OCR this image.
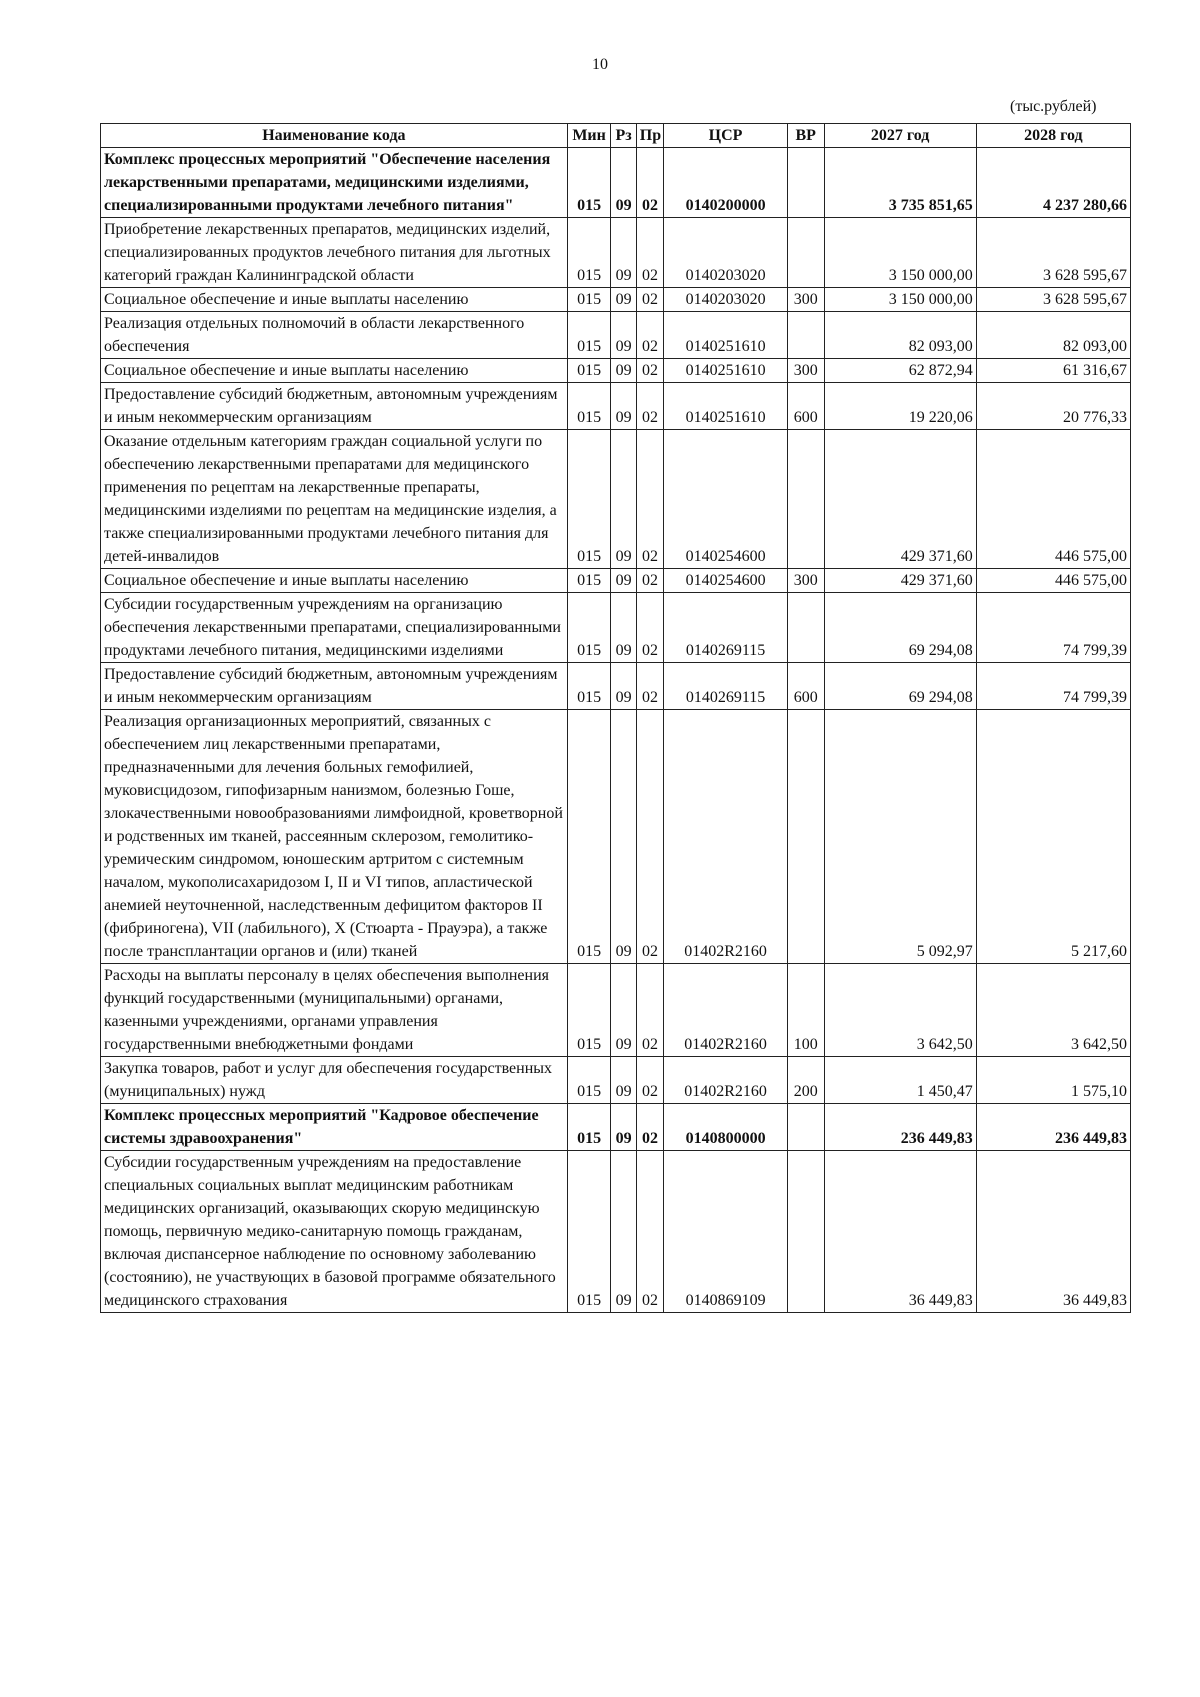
10
(тыс.рублей)
Наименование кода	Мин	Рз	Пр	ЦСР	ВР	2027 год	2028 год
Комплекс процессных мероприятий "Обеспечение населения лекарственными препаратами, медицинскими изделиями, специализированными продуктами лечебного питания"	015	09	02	0140200000		3 735 851,65	4 237 280,66
Приобретение лекарственных препаратов, медицинских изделий, специализированных продуктов лечебного питания для льготных категорий граждан Калининградской области	015	09	02	0140203020		3 150 000,00	3 628 595,67
Социальное обеспечение и иные выплаты населению	015	09	02	0140203020	300	3 150 000,00	3 628 595,67
Реализация отдельных полномочий в области лекарственного обеспечения	015	09	02	0140251610		82 093,00	82 093,00
Социальное обеспечение и иные выплаты населению	015	09	02	0140251610	300	62 872,94	61 316,67
Предоставление субсидий бюджетным, автономным учреждениям и иным некоммерческим организациям	015	09	02	0140251610	600	19 220,06	20 776,33
Оказание отдельным категориям граждан социальной услуги по обеспечению лекарственными препаратами для медицинского применения по рецептам на лекарственные препараты, медицинскими изделиями по рецептам на медицинские изделия, а также специализированными продуктами лечебного питания для детей-инвалидов	015	09	02	0140254600		429 371,60	446 575,00
Социальное обеспечение и иные выплаты населению	015	09	02	0140254600	300	429 371,60	446 575,00
Субсидии государственным учреждениям на организацию обеспечения лекарственными препаратами, специализированными продуктами лечебного питания, медицинскими изделиями	015	09	02	0140269115		69 294,08	74 799,39
Предоставление субсидий бюджетным, автономным учреждениям и иным некоммерческим организациям	015	09	02	0140269115	600	69 294,08	74 799,39
Реализация организационных мероприятий, связанных с обеспечением лиц лекарственными препаратами, предназначенными для лечения больных гемофилией, муковисцидозом, гипофизарным нанизмом, болезнью Гоше, злокачественными новообразованиями лимфоидной, кроветворной и родственных им тканей, рассеянным склерозом, гемолитико-уремическим синдромом, юношеским артритом с системным началом, мукополисахаридозом I, II и VI типов, апластической анемией неуточненной, наследственным дефицитом факторов II (фибриногена), VII (лабильного), X (Стюарта - Прауэра), а также после трансплантации органов и (или) тканей	015	09	02	01402R2160		5 092,97	5 217,60
Расходы на выплаты персоналу в целях обеспечения выполнения функций государственными (муниципальными) органами, казенными учреждениями, органами управления государственными внебюджетными фондами	015	09	02	01402R2160	100	3 642,50	3 642,50
Закупка товаров, работ и услуг для обеспечения государственных (муниципальных) нужд	015	09	02	01402R2160	200	1 450,47	1 575,10
Комплекс процессных мероприятий "Кадровое обеспечение системы здравоохранения"	015	09	02	0140800000		236 449,83	236 449,83
Субсидии государственным учреждениям на предоставление специальных социальных выплат медицинским работникам медицинских организаций, оказывающих скорую медицинскую помощь, первичную медико-санитарную помощь гражданам, включая диспансерное наблюдение по основному заболеванию (состоянию), не участвующих в базовой программе обязательного медицинского страхования	015	09	02	0140869109		36 449,83	36 449,83
